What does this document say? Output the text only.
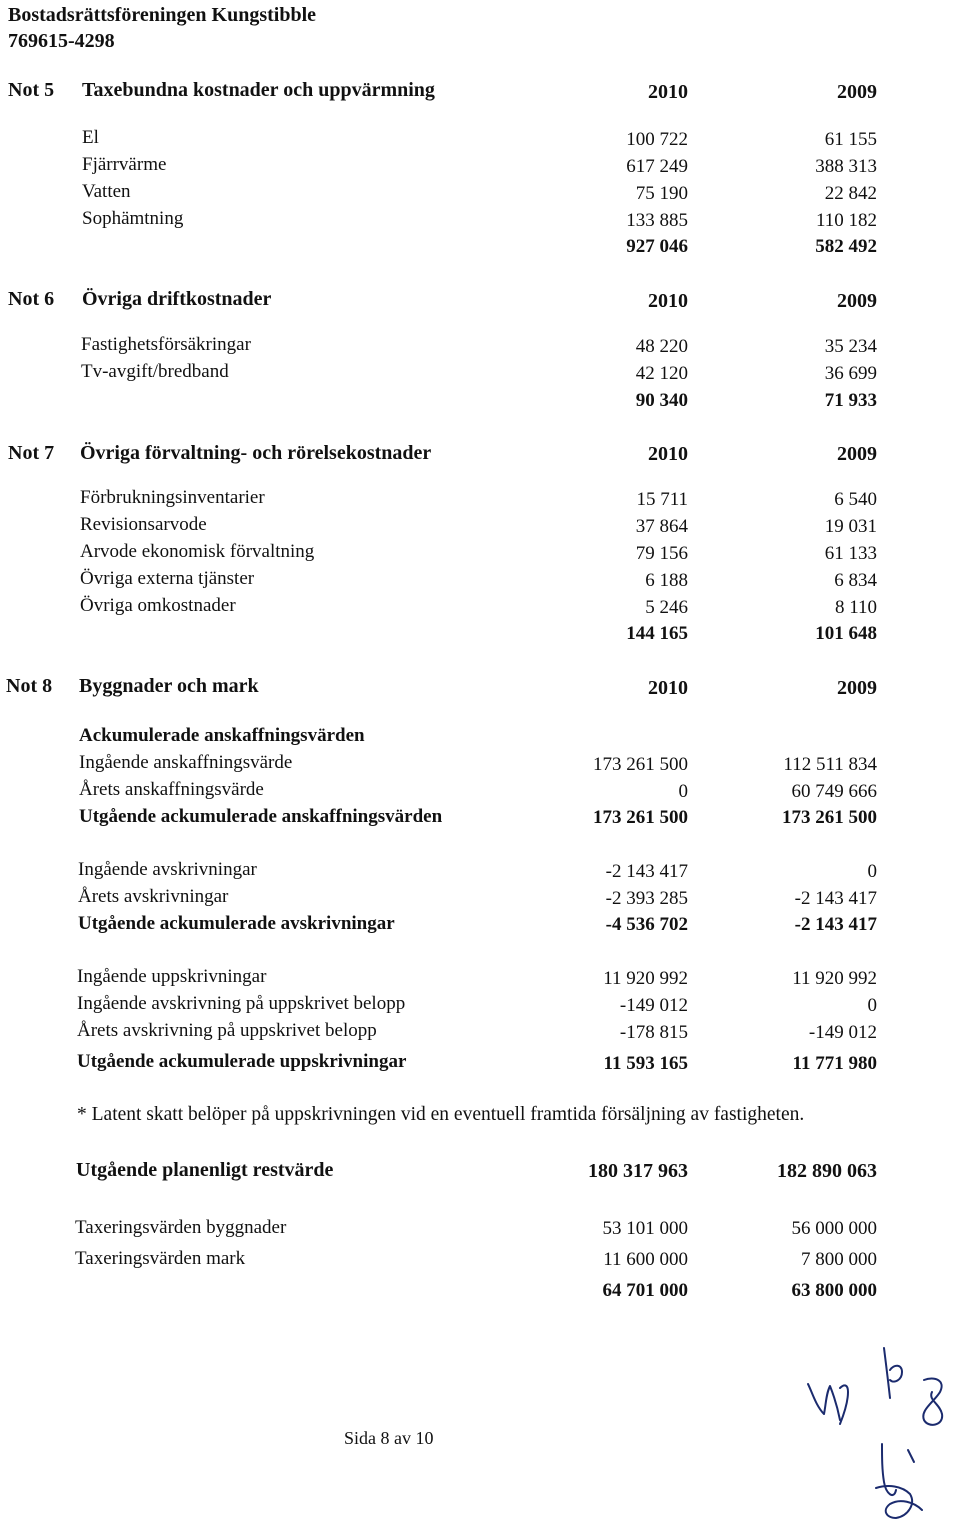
Bostadsrättsföreningen Kungstibble
769615-4298
Not 5 Taxebundna kostnader och uppvärmning	2010	2009
El	100 722	61 155
Fjärrvärme	617 249	388 313
Vatten	75 190	22 842
Sophämtning	133 885	110 182
927 046	582 492
Not 6 Övriga driftkostnader	2010	2009
Fastighetsförsäkringar	48 220	35 234
Tv-avgift/bredband	42 120	36 699
90 340	71 933
Not 7 Övriga förvaltning- och rörelsekostnader	2010	2009
Förbrukningsinventarier	15 711	6 540
Revisionsarvode	37 864	19 031
Arvode ekonomisk förvaltning	79 156	61 133
Övriga externa tjänster	6 188	6 834
Övriga omkostnader	5 246	8 110
144 165	101 648
Not 8 Byggnader och mark	2010	2009
Ackumulerade anskaffningsvärden
Ingående anskaffningsvärde	173 261 500	112 511 834
Årets anskaffningsvärde	0	60 749 666
Utgående ackumulerade anskaffningsvärden	173 261 500	173 261 500
Ingående avskrivningar	-2 143 417	0
Årets avskrivningar	-2 393 285	-2 143 417
Utgående ackumulerade avskrivningar	-4 536 702	-2 143 417
Ingående uppskrivningar	11 920 992	11 920 992
Ingående avskrivning på uppskrivet belopp	-149 012	0
Årets avskrivning på uppskrivet belopp	-178 815	-149 012
Utgående ackumulerade uppskrivningar	11 593 165	11 771 980
* Latent skatt belöper på uppskrivningen vid en eventuell framtida försäljning av fastigheten.
Utgående planenligt restvärde	180 317 963	182 890 063
Taxeringsvärden byggnader	53 101 000	56 000 000
Taxeringsvärden mark	11 600 000	7 800 000
64 701 000	63 800 000
Sida 8 av 10
